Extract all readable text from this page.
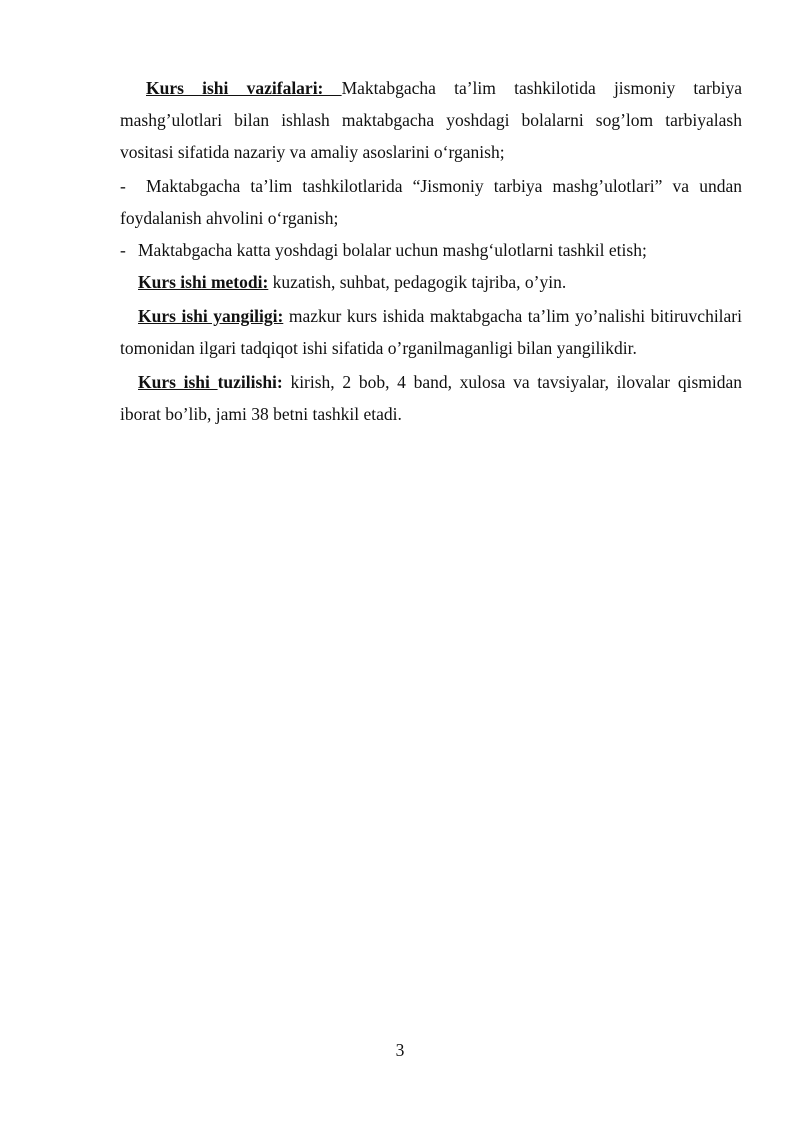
Kurs ishi vazifalari: Maktabgacha ta’lim tashkilotida jismoniy tarbiya mashg’ulotlari bilan ishlash maktabgacha yoshdagi bolalarni sog’lom tarbiyalash vositasi sifatida nazariy va amaliy asoslarini o‘rganish;

- Maktabgacha ta’lim tashkilotlarida “Jismoniy tarbiya mashg’ulotlari” va undan foydalanish ahvolini o‘rganish;

- Maktabgacha katta yoshdagi bolalar uchun mashg‘ulotlarni tashkil etish;

Kurs ishi metodi: kuzatish, suhbat, pedagogik tajriba, o’yin.

Kurs ishi yangiligi: mazkur kurs ishida maktabgacha ta’lim yo’nalishi bitiruvchilari tomonidan ilgari tadqiqot ishi sifatida o’rganilmaganligi bilan yangilikdir.

Kurs ishi tuzilishi: kirish, 2 bob, 4 band, xulosa va tavsiyalar, ilovalar qismidan iborat bo’lib, jami 38 betni tashkil etadi.

3
